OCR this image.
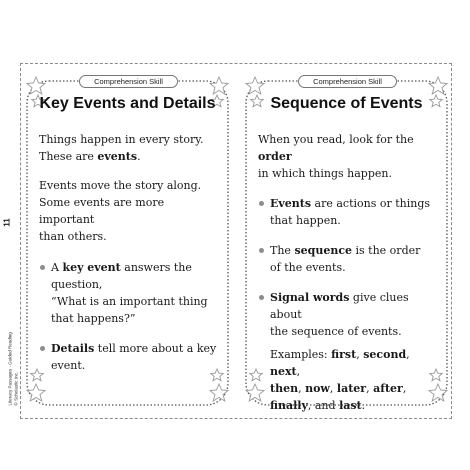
11
Literacy Passages · Guided Reading © Scholastic Inc.
Comprehension Skill
Key Events and Details

Things happen in every story.
These are events.

Events move the story along.
Some events are more important
than others.

A key event answers the question,
“What is an important thing
that happens?”
Details tell more about a key event.
Comprehension Skill
Sequence of Events

When you read, look for the order
in which things happen.

Events are actions or things
that happen.
The sequence is the order
of the events.
Signal words give clues about
the sequence of events.

Examples: first, second, next,
then, now, later, after,
finally, and last.
